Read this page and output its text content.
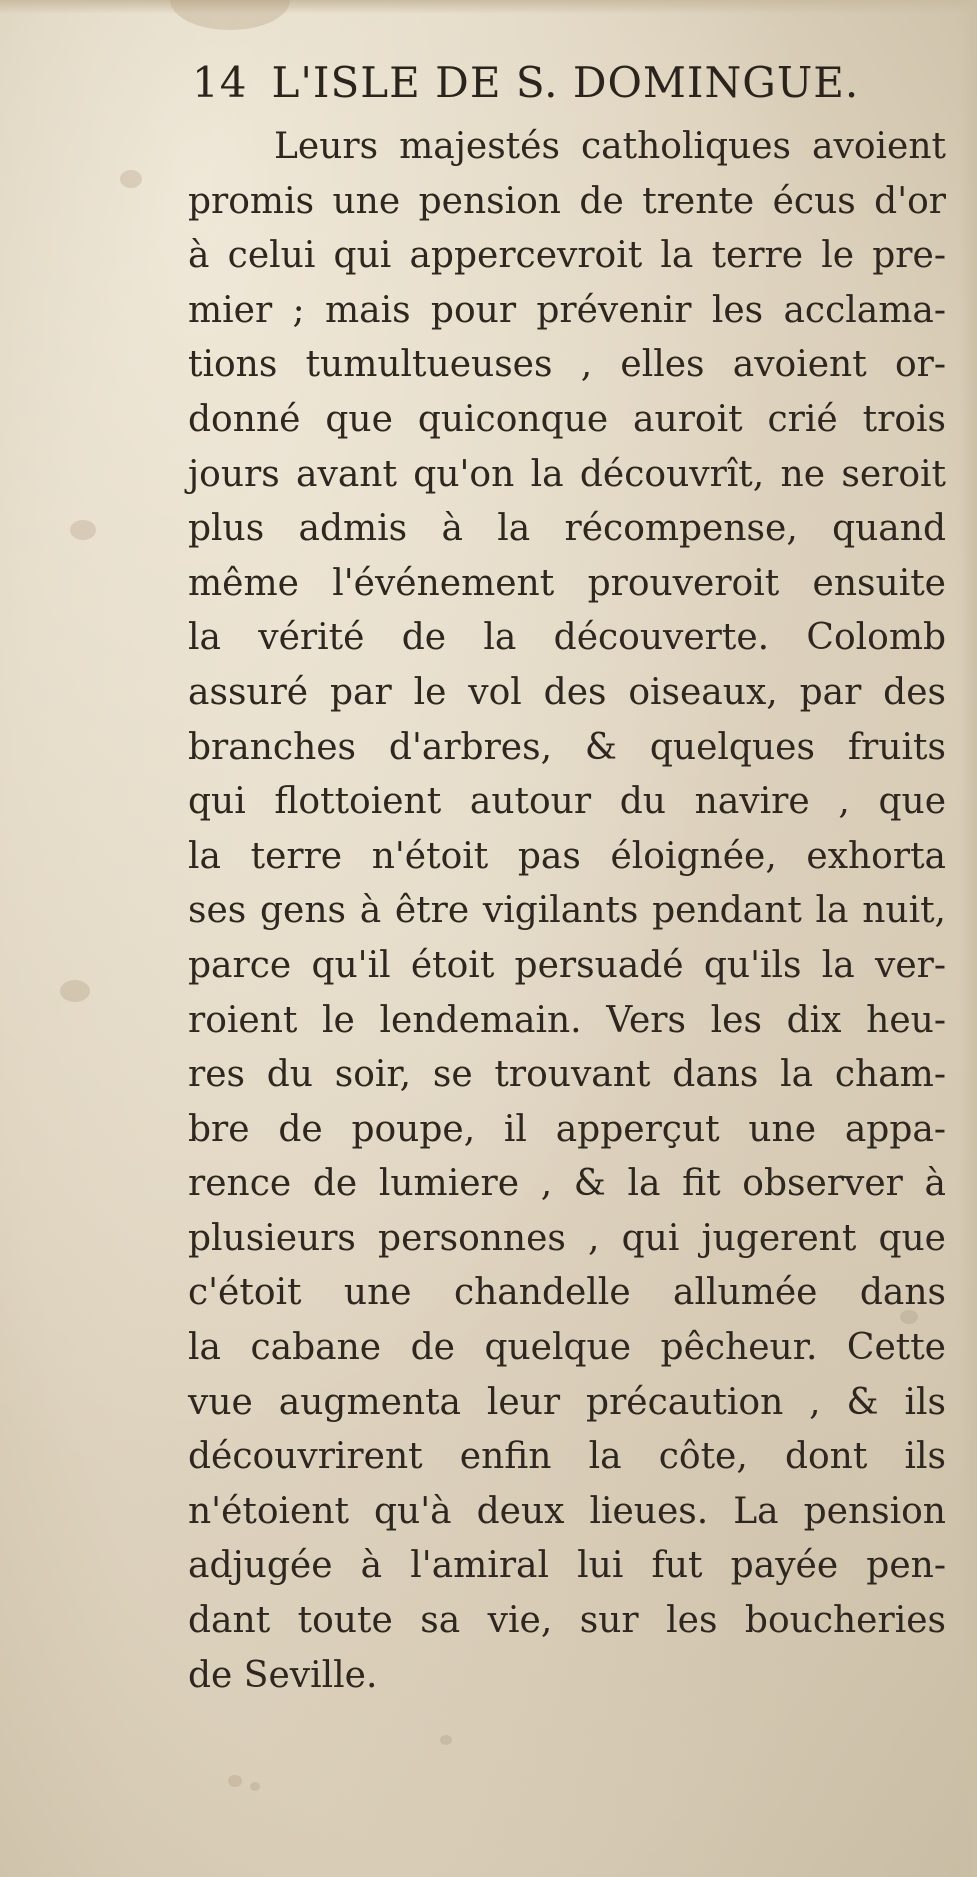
14 L'ISLE DE S. DOMINGUE.
Leurs majestés catholiques avoient
promis une pension de trente écus d'or
à celui qui appercevroit la terre le pre-
mier ; mais pour prévenir les acclama-
tions tumultueuses , elles avoient or-
donné que quiconque auroit crié trois
jours avant qu'on la découvrît, ne seroit
plus admis à la récompense, quand
même l'événement prouveroit ensuite
la vérité de la découverte. Colomb
assuré par le vol des oiseaux, par des
branches d'arbres, & quelques fruits
qui flottoient autour du navire , que
la terre n'étoit pas éloignée, exhorta
ses gens à être vigilants pendant la nuit,
parce qu'il étoit persuadé qu'ils la ver-
roient le lendemain. Vers les dix heu-
res du soir, se trouvant dans la cham-
bre de poupe, il apperçut une appa-
rence de lumiere , & la fit observer à
plusieurs personnes , qui jugerent que
c'étoit une chandelle allumée dans
la cabane de quelque pêcheur. Cette
vue augmenta leur précaution , & ils
découvrirent enfin la côte, dont ils
n'étoient qu'à deux lieues. La pension
adjugée à l'amiral lui fut payée pen-
dant toute sa vie, sur les boucheries
de Seville.
